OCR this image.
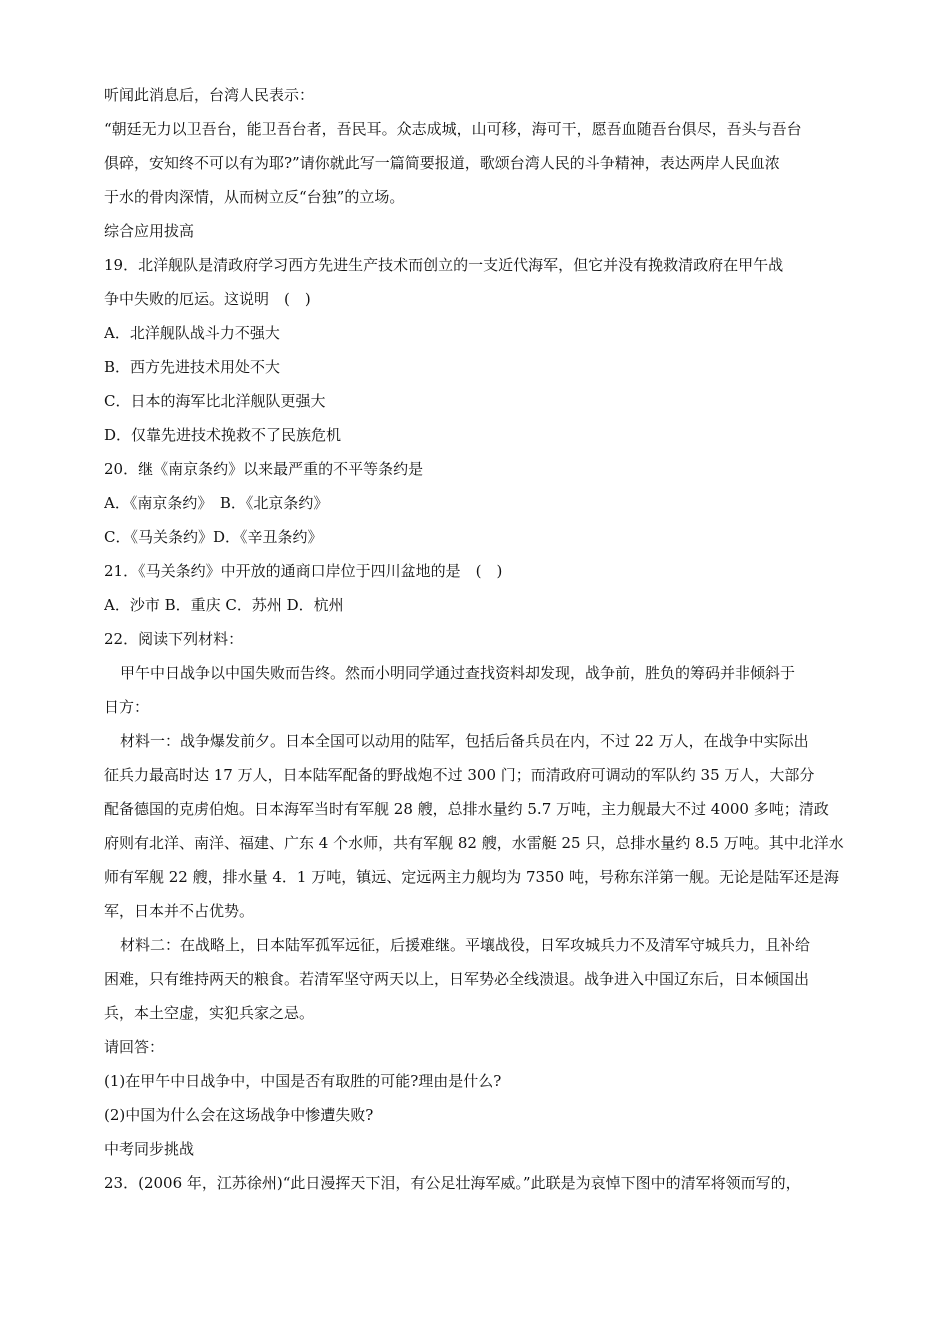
听闻此消息后，台湾人民表示：
“朝廷无力以卫吾台，能卫吾台者，吾民耳。众志成城，山可移，海可干，愿吾血随吾台俱尽，吾头与吾台
俱碎，安知终不可以有为耶?”请你就此写一篇简要报道，歌颂台湾人民的斗争精神，表达两岸人民血浓
于水的骨肉深情，从而树立反“台独”的立场。
综合应用拔高
19．北洋舰队是清政府学习西方先进生产技术而创立的一支近代海军，但它并没有挽救清政府在甲午战
争中失败的厄运。这说明　(　)
A．北洋舰队战斗力不强大
B．西方先进技术用处不大
C．日本的海军比北洋舰队更强大
D．仅靠先进技术挽救不了民族危机
20．继《南京条约》以来最严重的不平等条约是
A．《南京条约》　B．《北京条约》
C．《马关条约》D．《辛丑条约》
21．《马关条约》中开放的通商口岸位于四川盆地的是　(　)
A．沙市 B．重庆 C．苏州 D．杭州
22．阅读下列材料：
甲午中日战争以中国失败而告终。然而小明同学通过查找资料却发现，战争前，胜负的筹码并非倾斜于
日方：
材料一：战争爆发前夕。日本全国可以动用的陆军，包括后备兵员在内，不过 22 万人，在战争中实际出
征兵力最高时达 17 万人，日本陆军配备的野战炮不过 300 门；而清政府可调动的军队约 35 万人，大部分
配备德国的克虏伯炮。日本海军当时有军舰 28 艘，总排水量约 5.7 万吨，主力舰最大不过 4000 多吨；清政
府则有北洋、南洋、福建、广东 4 个水师，共有军舰 82 艘，水雷艇 25 只，总排水量约 8.5 万吨。其中北洋水
师有军舰 22 艘，排水量 4．1 万吨，镇远、定远两主力舰均为 7350 吨，号称东洋第一舰。无论是陆军还是海
军，日本并不占优势。
材料二：在战略上，日本陆军孤军远征，后援难继。平壤战役，日军攻城兵力不及清军守城兵力，且补给
困难，只有维持两天的粮食。若清军坚守两天以上，日军势必全线溃退。战争进入中国辽东后，日本倾国出
兵，本土空虚，实犯兵家之忌。
请回答：
(1)在甲午中日战争中，中国是否有取胜的可能?理由是什么?
(2)中国为什么会在这场战争中惨遭失败?
中考同步挑战
23．(2006 年，江苏徐州)“此日漫挥天下泪，有公足壮海军威。”此联是为哀悼下图中的清军将领而写的，
